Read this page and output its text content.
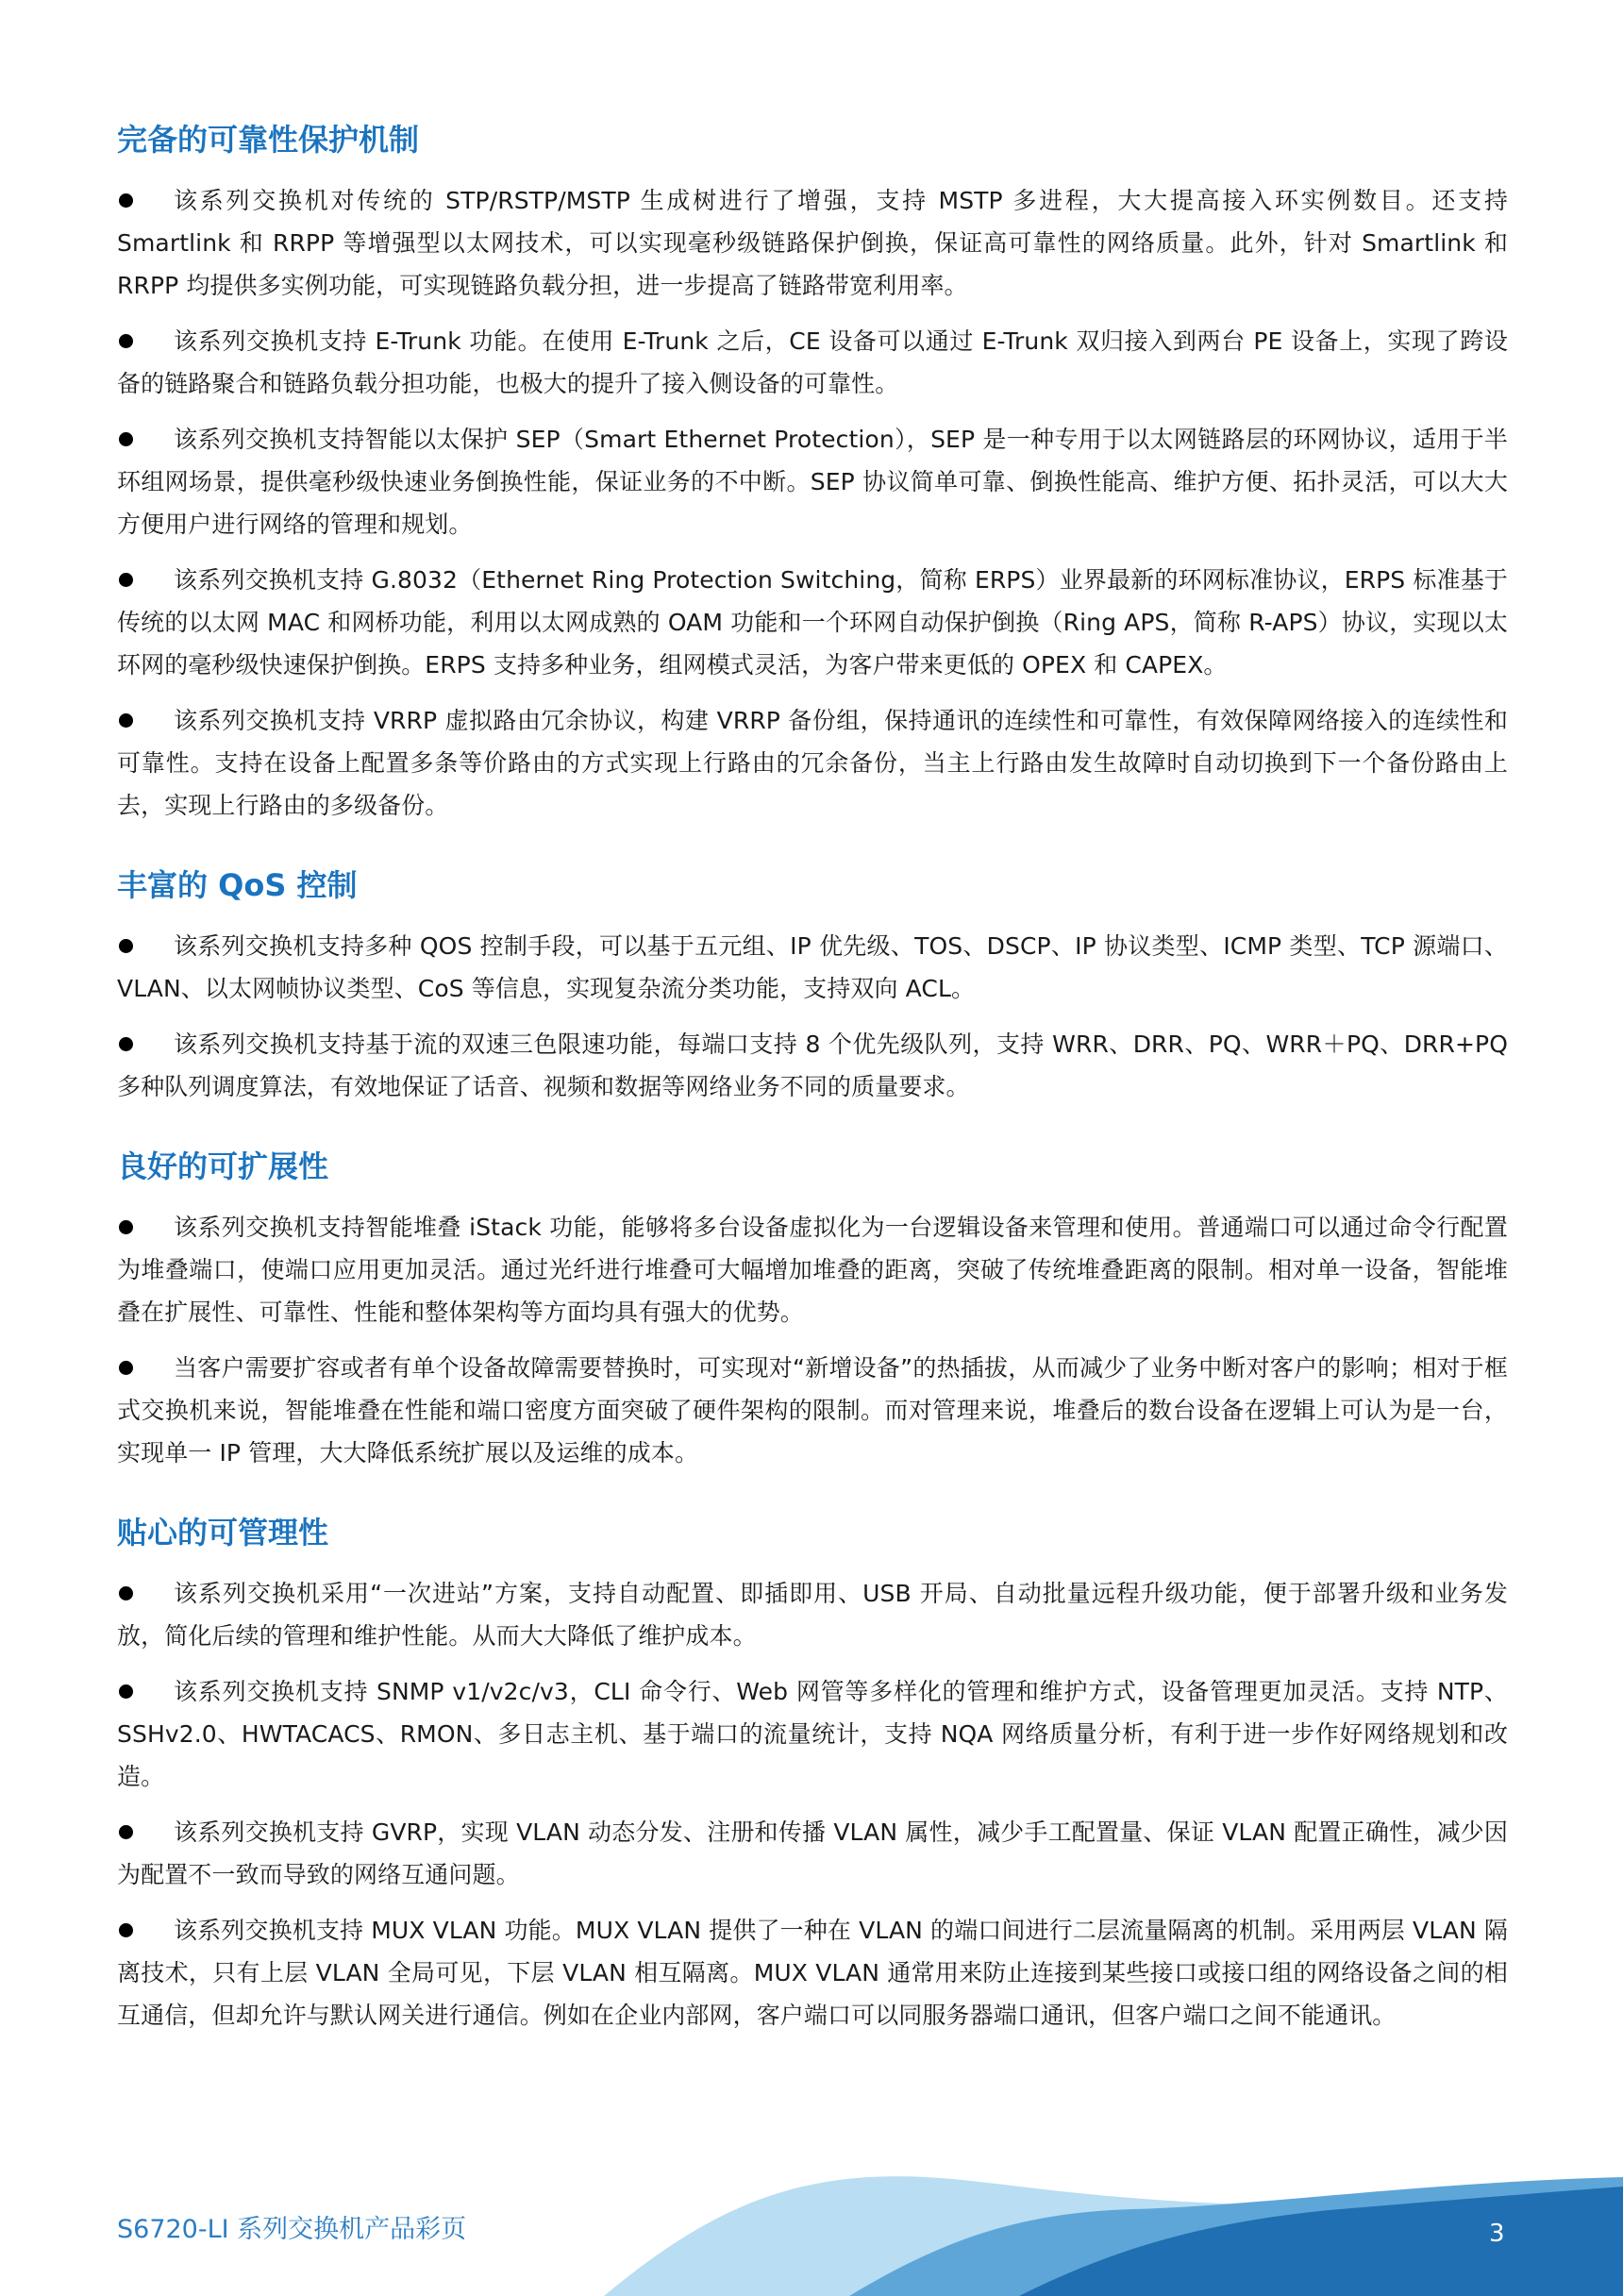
完备的可靠性保护机制

该系列交换机对传统的 STP/RSTP/MSTP 生成树进行了增强，支持 MSTP 多进程，大大提高接入环实例数目。还支持 Smartlink 和 RRPP 等增强型以太网技术，可以实现毫秒级链路保护倒换，保证高可靠性的网络质量。此外，针对 Smartlink 和 RRPP 均提供多实例功能，可实现链路负载分担，进一步提高了链路带宽利用率。

该系列交换机支持 E-Trunk 功能。在使用 E-Trunk 之后，CE 设备可以通过 E-Trunk 双归接入到两台 PE 设备上，实现了跨设备的链路聚合和链路负载分担功能，也极大的提升了接入侧设备的可靠性。

该系列交换机支持智能以太保护 SEP（Smart Ethernet Protection），SEP 是一种专用于以太网链路层的环网协议，适用于半环组网场景，提供毫秒级快速业务倒换性能，保证业务的不中断。SEP 协议简单可靠、倒换性能高、维护方便、拓扑灵活，可以大大方便用户进行网络的管理和规划。

该系列交换机支持 G.8032（Ethernet Ring Protection Switching，简称 ERPS）业界最新的环网标准协议，ERPS 标准基于传统的以太网 MAC 和网桥功能，利用以太网成熟的 OAM 功能和一个环网自动保护倒换（Ring APS，简称 R-APS）协议，实现以太环网的毫秒级快速保护倒换。ERPS 支持多种业务，组网模式灵活，为客户带来更低的 OPEX 和 CAPEX。

该系列交换机支持 VRRP 虚拟路由冗余协议，构建 VRRP 备份组，保持通讯的连续性和可靠性，有效保障网络接入的连续性和可靠性。支持在设备上配置多条等价路由的方式实现上行路由的冗余备份，当主上行路由发生故障时自动切换到下一个备份路由上去，实现上行路由的多级备份。

丰富的 QoS 控制

该系列交换机支持多种 QOS 控制手段，可以基于五元组、IP 优先级、TOS、DSCP、IP 协议类型、ICMP 类型、TCP 源端口、VLAN、以太网帧协议类型、CoS 等信息，实现复杂流分类功能，支持双向 ACL。

该系列交换机支持基于流的双速三色限速功能，每端口支持 8 个优先级队列，支持 WRR、DRR、PQ、WRR＋PQ、DRR+PQ 多种队列调度算法，有效地保证了话音、视频和数据等网络业务不同的质量要求。

良好的可扩展性

该系列交换机支持智能堆叠 iStack 功能，能够将多台设备虚拟化为一台逻辑设备来管理和使用。普通端口可以通过命令行配置为堆叠端口，使端口应用更加灵活。通过光纤进行堆叠可大幅增加堆叠的距离，突破了传统堆叠距离的限制。相对单一设备，智能堆叠在扩展性、可靠性、性能和整体架构等方面均具有强大的优势。

当客户需要扩容或者有单个设备故障需要替换时，可实现对“新增设备”的热插拔，从而减少了业务中断对客户的影响；相对于框式交换机来说，智能堆叠在性能和端口密度方面突破了硬件架构的限制。而对管理来说，堆叠后的数台设备在逻辑上可认为是一台，实现单一 IP 管理，大大降低系统扩展以及运维的成本。

贴心的可管理性

该系列交换机采用“一次进站”方案，支持自动配置、即插即用、USB 开局、自动批量远程升级功能，便于部署升级和业务发放，简化后续的管理和维护性能。从而大大降低了维护成本。

该系列交换机支持 SNMP v1/v2c/v3，CLI 命令行、Web 网管等多样化的管理和维护方式，设备管理更加灵活。支持 NTP、SSHv2.0、HWTACACS、RMON、多日志主机、基于端口的流量统计，支持 NQA 网络质量分析，有利于进一步作好网络规划和改造。

该系列交换机支持 GVRP，实现 VLAN 动态分发、注册和传播 VLAN 属性，减少手工配置量、保证 VLAN 配置正确性，减少因为配置不一致而导致的网络互通问题。

该系列交换机支持 MUX VLAN 功能。MUX VLAN 提供了一种在 VLAN 的端口间进行二层流量隔离的机制。采用两层 VLAN 隔离技术，只有上层 VLAN 全局可见，下层 VLAN 相互隔离。MUX VLAN 通常用来防止连接到某些接口或接口组的网络设备之间的相互通信，但却允许与默认网关进行通信。例如在企业内部网，客户端口可以同服务器端口通讯，但客户端口之间不能通讯。

S6720-LI 系列交换机产品彩页	3
